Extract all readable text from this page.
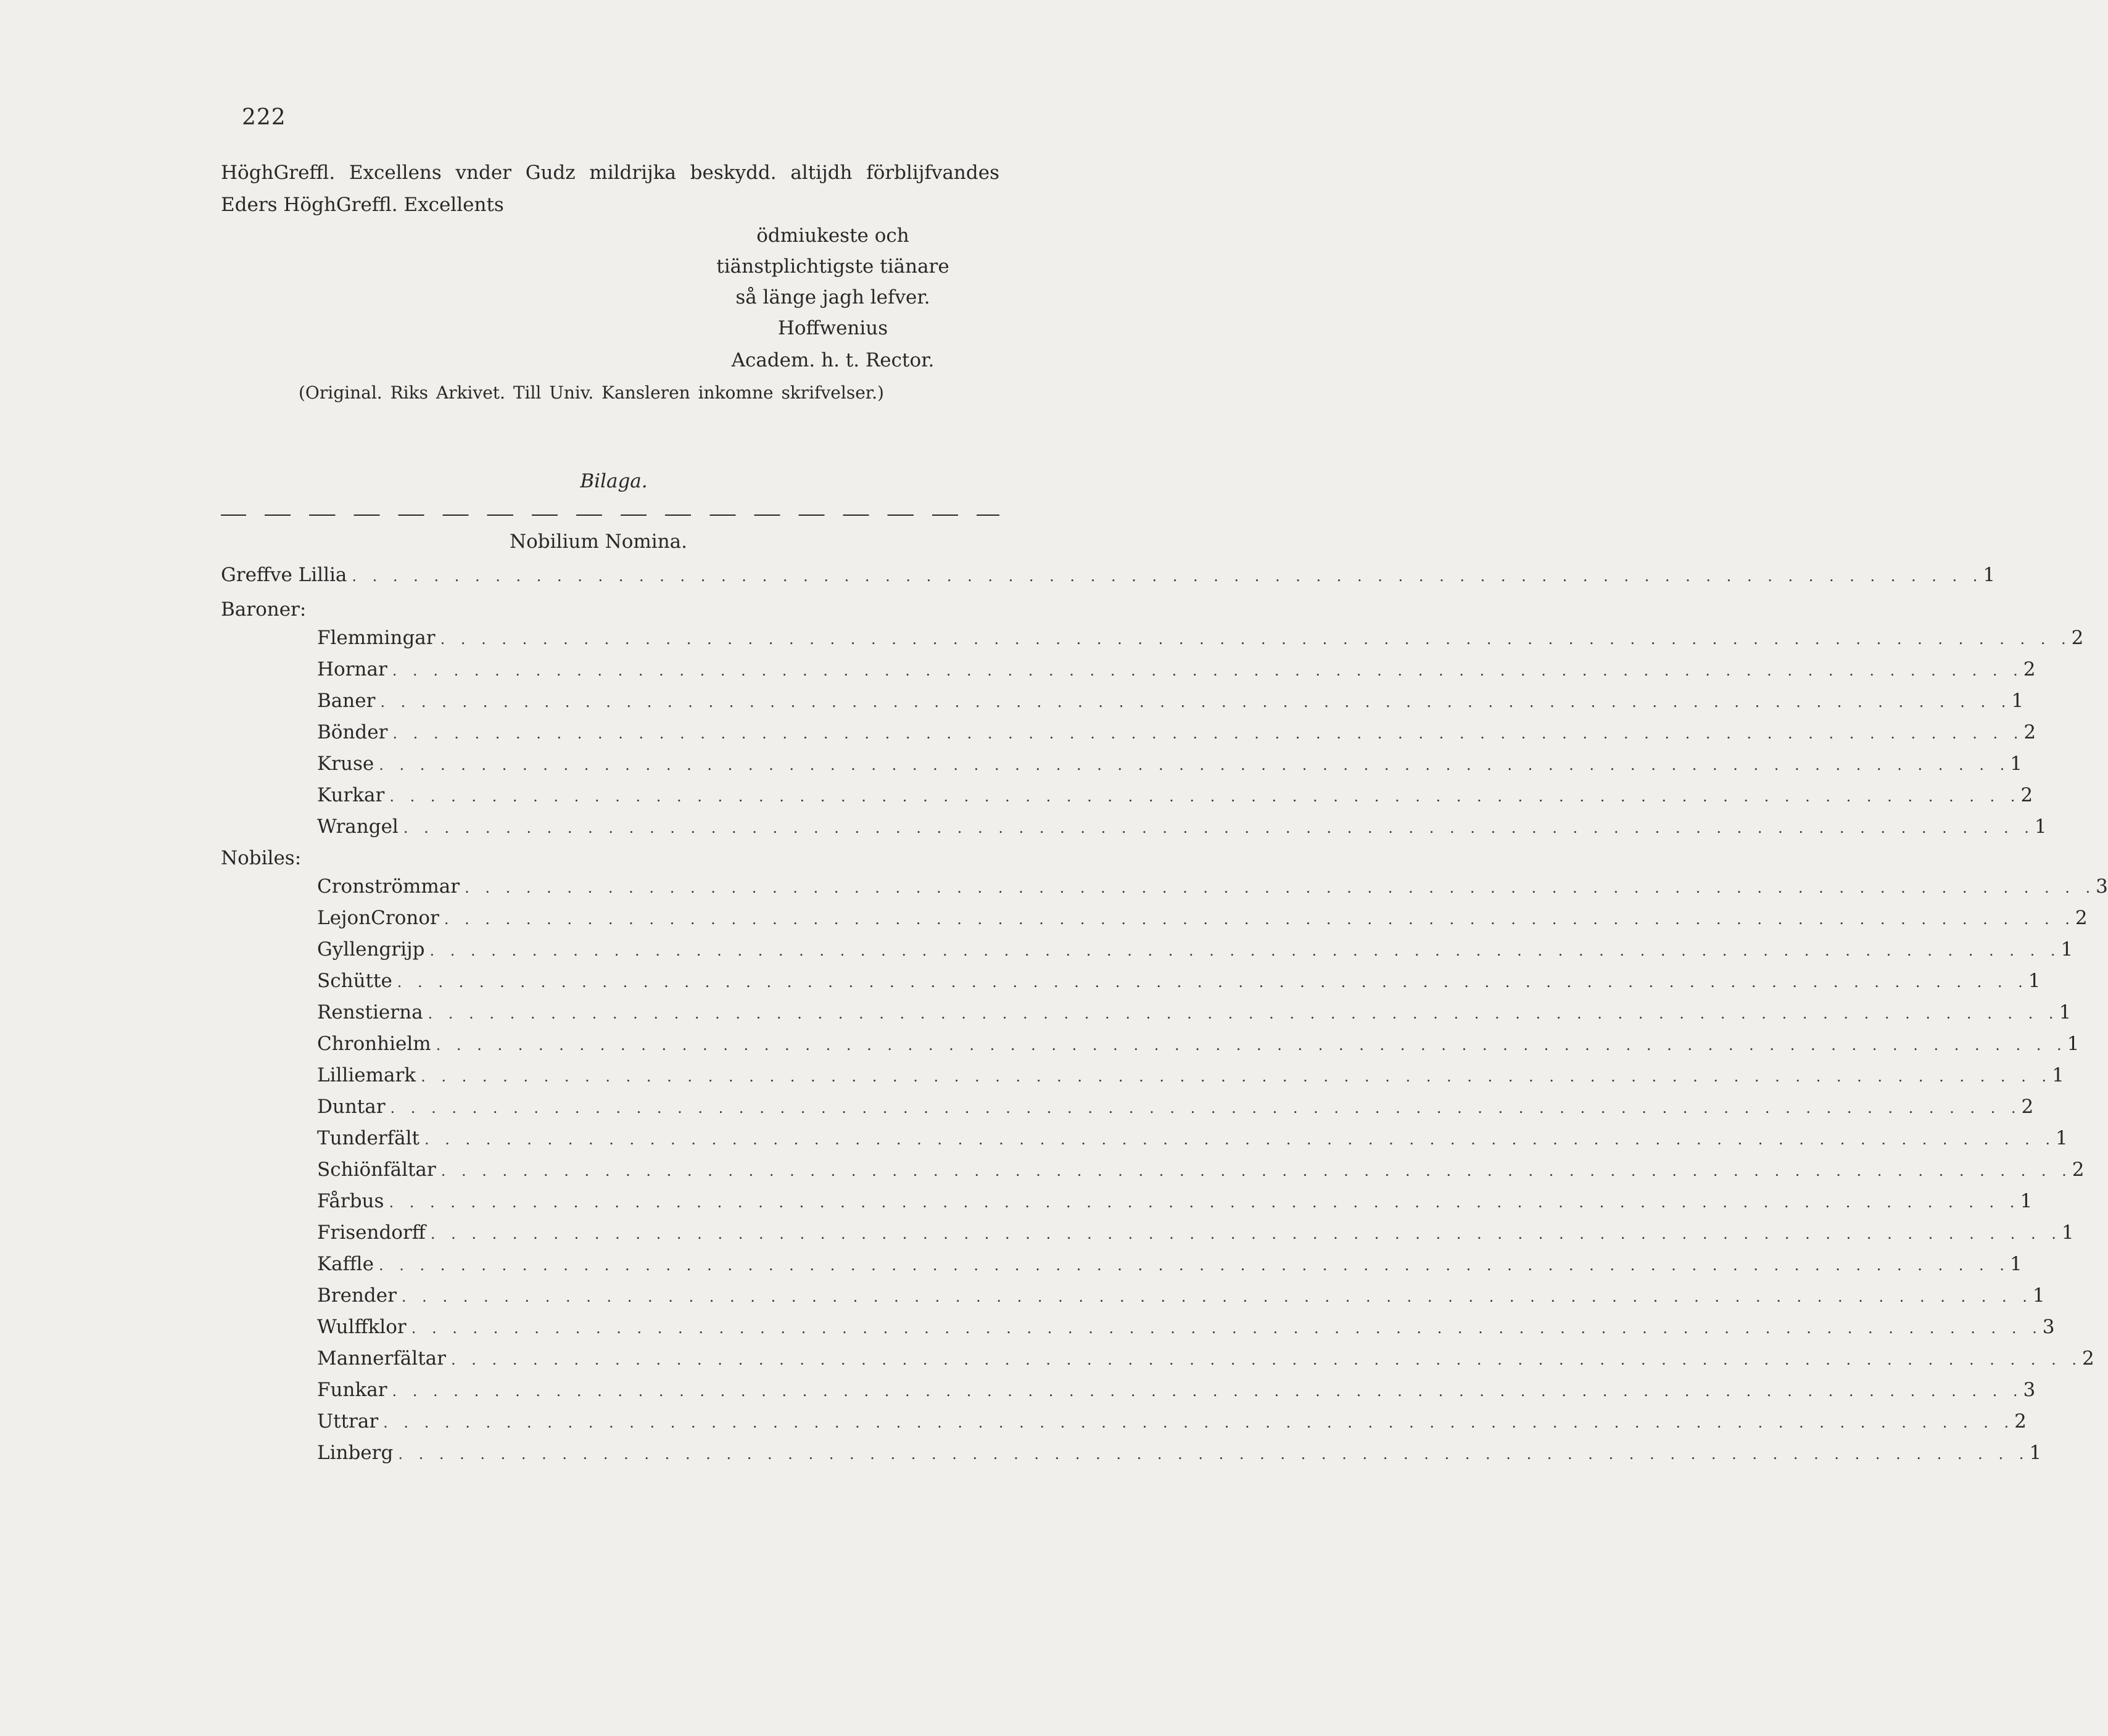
222
HöghGreffl. Excellens vnder Gudz mildrijka beskydd. altijdh förblijfvandes
Eders HöghGreffl. Excellents
ödmiukeste och
tiänstplichtigste tiänare
så länge jagh lefver.
Hoffwenius
Academ. h. t. Rector.
(Original. Riks Arkivet. Till Univ. Kansleren inkomne skrifvelser.)
Bilaga.
Nobilium Nomina.
Greffve Lillia . . . . . . . . . . . . . . . . . . . . . . . . . . . . . . . . . . . . . . . . . . . . . . . . . . . . . . . . . . . . . . . . . . . . . . . . . . . . . . . . 1
Baroner:
Flemmingar . . . . . . . . . . . . . . . . . . . . . . . . . . . . . . . . . . . . . . . . . . . . . . . . . . . . . . . . . . . . . . . . . . . . . . . . . . . . . . . . 2
Hornar . . . . . . . . . . . . . . . . . . . . . . . . . . . . . . . . . . . . . . . . . . . . . . . . . . . . . . . . . . . . . . . . . . . . . . . . . . . . . . . . 2
Baner . . . . . . . . . . . . . . . . . . . . . . . . . . . . . . . . . . . . . . . . . . . . . . . . . . . . . . . . . . . . . . . . . . . . . . . . . . . . . . . . 1
Bönder . . . . . . . . . . . . . . . . . . . . . . . . . . . . . . . . . . . . . . . . . . . . . . . . . . . . . . . . . . . . . . . . . . . . . . . . . . . . . . . . 2
Kruse . . . . . . . . . . . . . . . . . . . . . . . . . . . . . . . . . . . . . . . . . . . . . . . . . . . . . . . . . . . . . . . . . . . . . . . . . . . . . . . . 1
Kurkar . . . . . . . . . . . . . . . . . . . . . . . . . . . . . . . . . . . . . . . . . . . . . . . . . . . . . . . . . . . . . . . . . . . . . . . . . . . . . . . . 2
Wrangel . . . . . . . . . . . . . . . . . . . . . . . . . . . . . . . . . . . . . . . . . . . . . . . . . . . . . . . . . . . . . . . . . . . . . . . . . . . . . . . . 1
Nobiles:
Cronströmmar . . . . . . . . . . . . . . . . . . . . . . . . . . . . . . . . . . . . . . . . . . . . . . . . . . . . . . . . . . . . . . . . . . . . . . . . . . . . . . . . 3
LejonCronor . . . . . . . . . . . . . . . . . . . . . . . . . . . . . . . . . . . . . . . . . . . . . . . . . . . . . . . . . . . . . . . . . . . . . . . . . . . . . . . . 2
Gyllengrijp . . . . . . . . . . . . . . . . . . . . . . . . . . . . . . . . . . . . . . . . . . . . . . . . . . . . . . . . . . . . . . . . . . . . . . . . . . . . . . . . 1
Schütte . . . . . . . . . . . . . . . . . . . . . . . . . . . . . . . . . . . . . . . . . . . . . . . . . . . . . . . . . . . . . . . . . . . . . . . . . . . . . . . . 1
Renstierna . . . . . . . . . . . . . . . . . . . . . . . . . . . . . . . . . . . . . . . . . . . . . . . . . . . . . . . . . . . . . . . . . . . . . . . . . . . . . . . . 1
Chronhielm . . . . . . . . . . . . . . . . . . . . . . . . . . . . . . . . . . . . . . . . . . . . . . . . . . . . . . . . . . . . . . . . . . . . . . . . . . . . . . . . 1
Lilliemark . . . . . . . . . . . . . . . . . . . . . . . . . . . . . . . . . . . . . . . . . . . . . . . . . . . . . . . . . . . . . . . . . . . . . . . . . . . . . . . . 1
Duntar . . . . . . . . . . . . . . . . . . . . . . . . . . . . . . . . . . . . . . . . . . . . . . . . . . . . . . . . . . . . . . . . . . . . . . . . . . . . . . . . 2
Tunderfält . . . . . . . . . . . . . . . . . . . . . . . . . . . . . . . . . . . . . . . . . . . . . . . . . . . . . . . . . . . . . . . . . . . . . . . . . . . . . . . . 1
Schiönfältar . . . . . . . . . . . . . . . . . . . . . . . . . . . . . . . . . . . . . . . . . . . . . . . . . . . . . . . . . . . . . . . . . . . . . . . . . . . . . . . . 2
Fårbus . . . . . . . . . . . . . . . . . . . . . . . . . . . . . . . . . . . . . . . . . . . . . . . . . . . . . . . . . . . . . . . . . . . . . . . . . . . . . . . . 1
Frisendorff . . . . . . . . . . . . . . . . . . . . . . . . . . . . . . . . . . . . . . . . . . . . . . . . . . . . . . . . . . . . . . . . . . . . . . . . . . . . . . . . 1
Kaffle . . . . . . . . . . . . . . . . . . . . . . . . . . . . . . . . . . . . . . . . . . . . . . . . . . . . . . . . . . . . . . . . . . . . . . . . . . . . . . . . 1
Brender . . . . . . . . . . . . . . . . . . . . . . . . . . . . . . . . . . . . . . . . . . . . . . . . . . . . . . . . . . . . . . . . . . . . . . . . . . . . . . . . 1
Wulffklor . . . . . . . . . . . . . . . . . . . . . . . . . . . . . . . . . . . . . . . . . . . . . . . . . . . . . . . . . . . . . . . . . . . . . . . . . . . . . . . . 3
Mannerfältar . . . . . . . . . . . . . . . . . . . . . . . . . . . . . . . . . . . . . . . . . . . . . . . . . . . . . . . . . . . . . . . . . . . . . . . . . . . . . . . . 2
Funkar . . . . . . . . . . . . . . . . . . . . . . . . . . . . . . . . . . . . . . . . . . . . . . . . . . . . . . . . . . . . . . . . . . . . . . . . . . . . . . . . 3
Uttrar . . . . . . . . . . . . . . . . . . . . . . . . . . . . . . . . . . . . . . . . . . . . . . . . . . . . . . . . . . . . . . . . . . . . . . . . . . . . . . . . 2
Linberg . . . . . . . . . . . . . . . . . . . . . . . . . . . . . . . . . . . . . . . . . . . . . . . . . . . . . . . . . . . . . . . . . . . . . . . . . . . . . . . . 1
